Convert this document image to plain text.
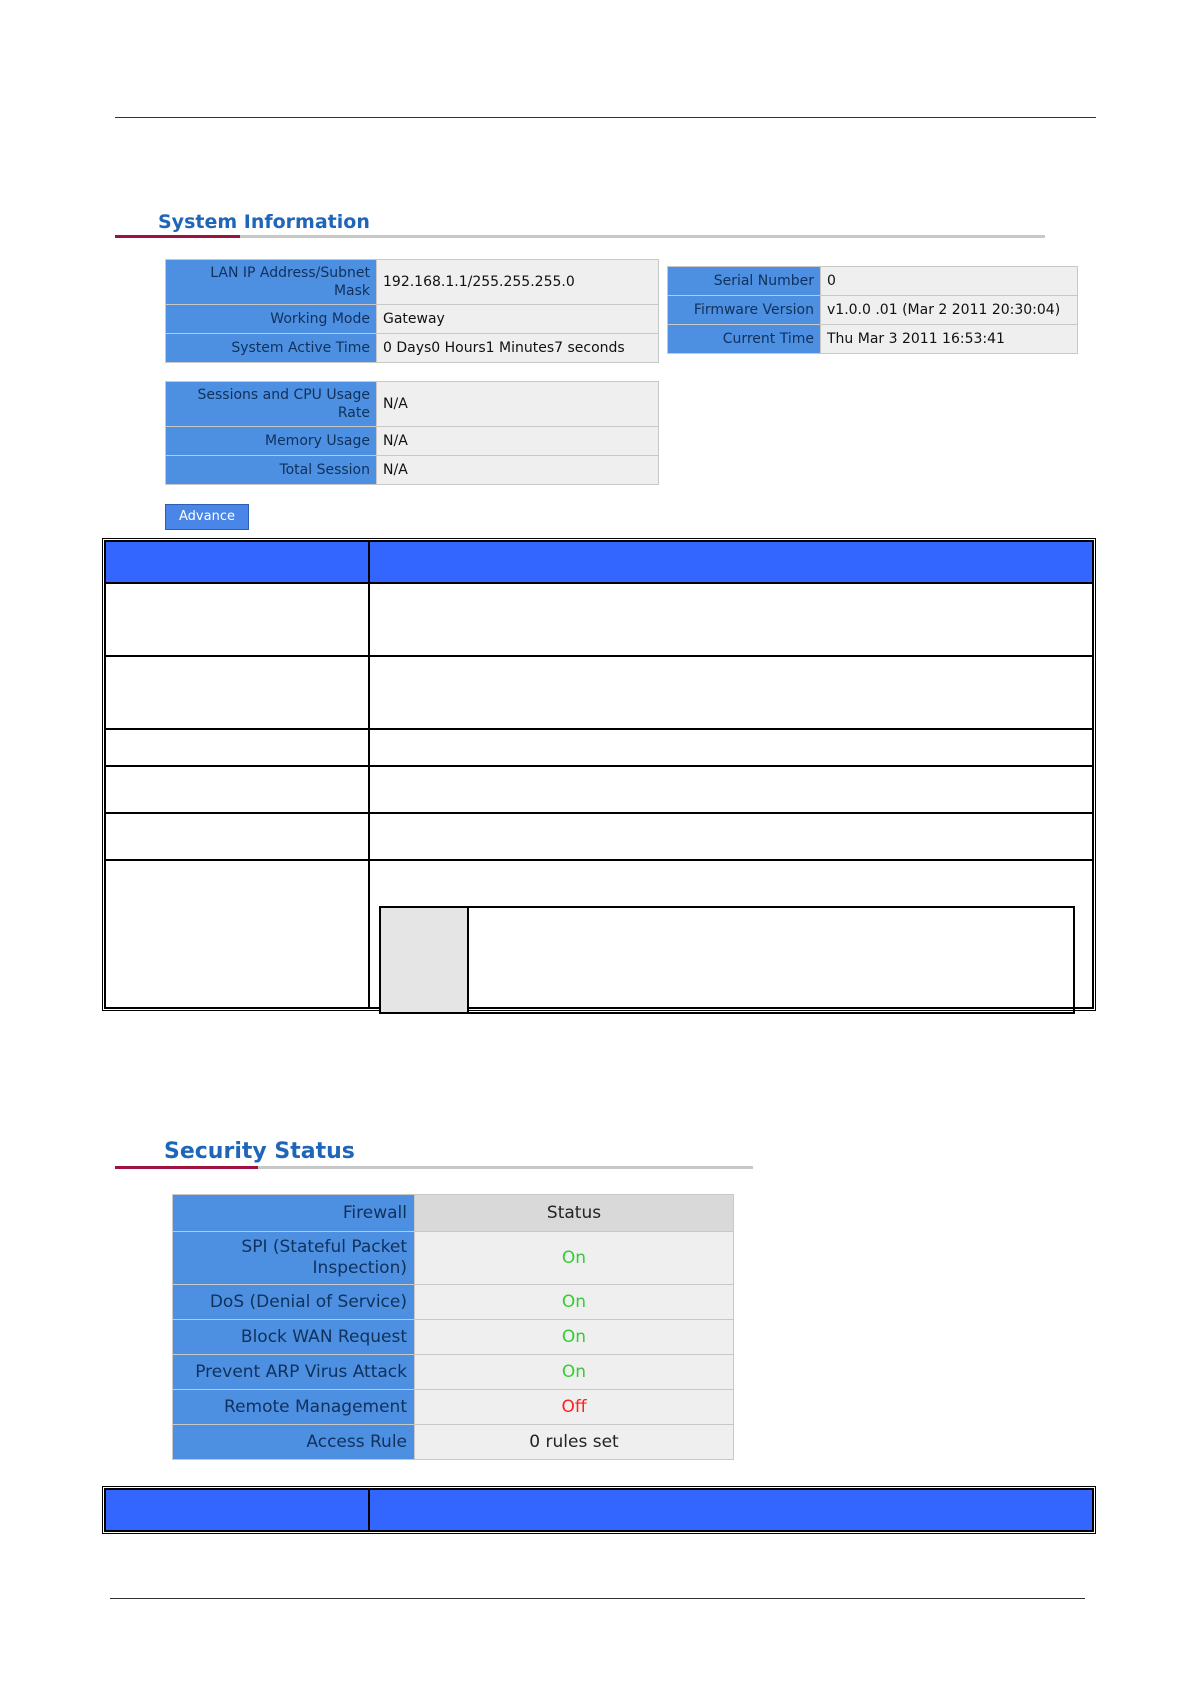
System Information
LAN IP Address/Subnet Mask	192.168.1.1/255.255.255.0
Working Mode	Gateway
System Active Time	0 Days0 Hours1 Minutes7 seconds
Serial Number	0
Firmware Version	v1.0.0 .01 (Mar 2 2011 20:30:04)
Current Time	Thu Mar 3 2011 16:53:41
Sessions and CPU Usage Rate	N/A
Memory Usage	N/A
Total Session	N/A
Advance

Security Status
Firewall	Status
SPI (Stateful Packet Inspection)	On
DoS (Denial of Service)	On
Block WAN Request	On
Prevent ARP Virus Attack	On
Remote Management	Off
Access Rule	0 rules set
